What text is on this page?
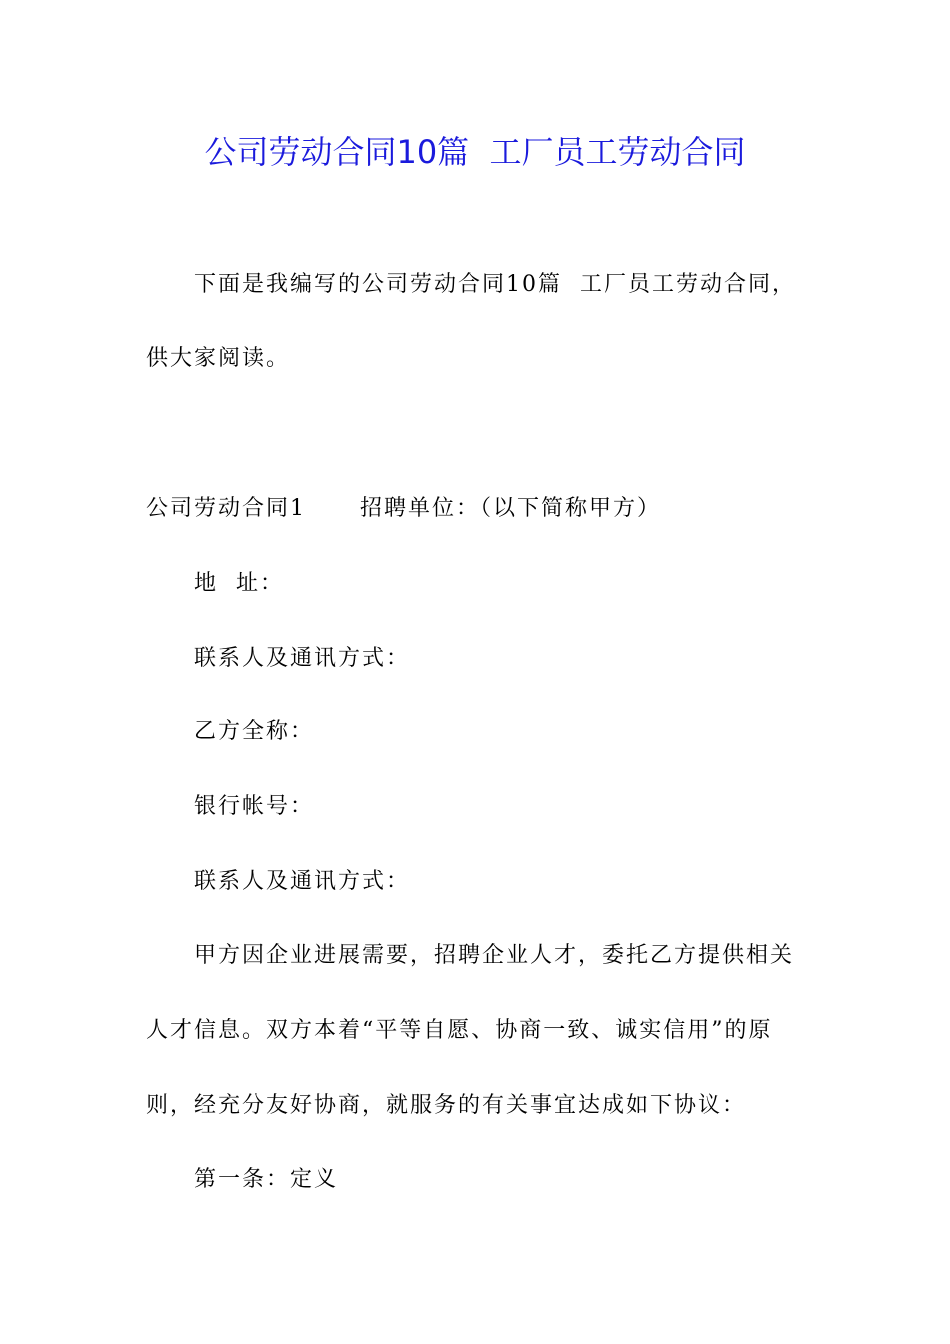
公司劳动合同10篇  工厂员工劳动合同
下面是我编写的公司劳动合同10篇  工厂员工劳动合同，
供大家阅读。
公司劳动合同1      招聘单位：（以下简称甲方）
地  址：
联系人及通讯方式：
乙方全称：
银行帐号：
联系人及通讯方式：
甲方因企业进展需要，招聘企业人才，委托乙方提供相关
人才信息。双方本着“平等自愿、协商一致、诚实信用”的原
则，经充分友好协商，就服务的有关事宜达成如下协议：
第一条：定义
